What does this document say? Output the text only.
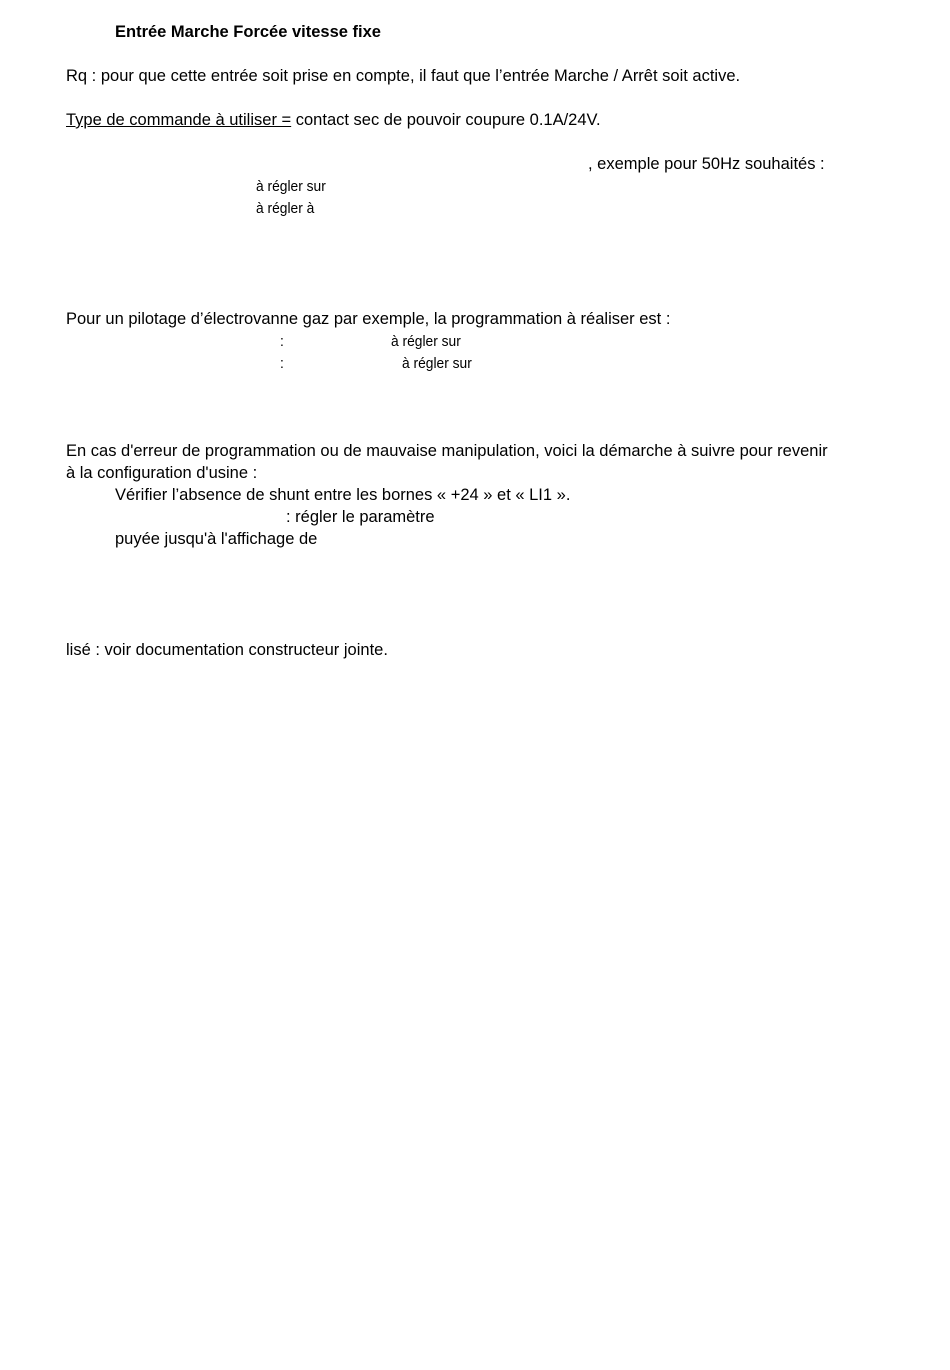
Entrée Marche Forcée vitesse fixe
Rq : pour que cette entrée soit prise en compte, il faut que l’entrée Marche / Arrêt soit active.
Type de commande à utiliser = contact sec de pouvoir coupure 0.1A/24V.
, exemple pour 50Hz souhaités :
à régler sur
à régler à
Pour un pilotage d’électrovanne gaz par exemple, la programmation à réaliser est :
:	à régler sur
:	à régler sur
En cas d'erreur de programmation ou de mauvaise manipulation, voici la démarche à suivre pour revenir
à la configuration d'usine :
Vérifier l’absence de shunt entre les bornes « +24 » et « LI1 ».
: régler le paramètre
puyée jusqu'à l'affichage de
lisé : voir documentation constructeur jointe.
